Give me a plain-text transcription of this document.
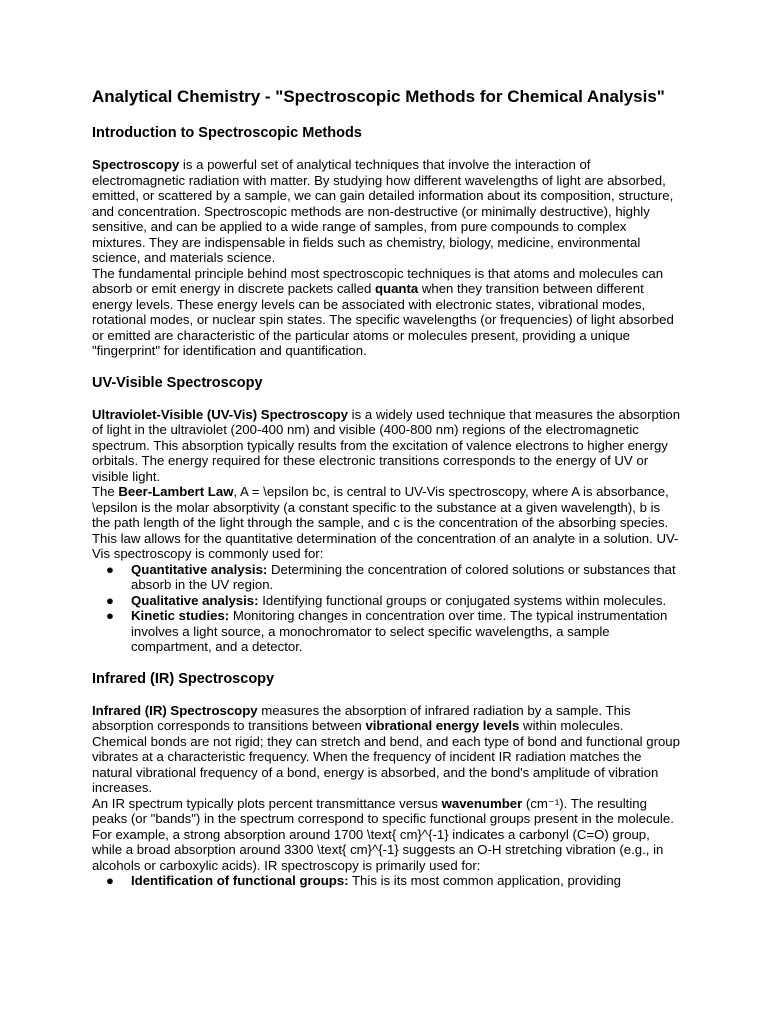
Analytical Chemistry - "Spectroscopic Methods for Chemical Analysis"
Introduction to Spectroscopic Methods

Spectroscopy is a powerful set of analytical techniques that involve the interaction of electromagnetic radiation with matter. By studying how different wavelengths of light are absorbed, emitted, or scattered by a sample, we can gain detailed information about its composition, structure, and concentration. Spectroscopic methods are non-destructive (or minimally destructive), highly sensitive, and can be applied to a wide range of samples, from pure compounds to complex mixtures. They are indispensable in fields such as chemistry, biology, medicine, environmental science, and materials science.

The fundamental principle behind most spectroscopic techniques is that atoms and molecules can absorb or emit energy in discrete packets called quanta when they transition between different energy levels. These energy levels can be associated with electronic states, vibrational modes, rotational modes, or nuclear spin states. The specific wavelengths (or frequencies) of light absorbed or emitted are characteristic of the particular atoms or molecules present, providing a unique "fingerprint" for identification and quantification.

UV-Visible Spectroscopy

Ultraviolet-Visible (UV-Vis) Spectroscopy is a widely used technique that measures the absorption of light in the ultraviolet (200-400 nm) and visible (400-800 nm) regions of the electromagnetic spectrum. This absorption typically results from the excitation of valence electrons to higher energy orbitals. The energy required for these electronic transitions corresponds to the energy of UV or visible light.

The Beer-Lambert Law, A = \epsilon bc, is central to UV-Vis spectroscopy, where A is absorbance, \epsilon is the molar absorptivity (a constant specific to the substance at a given wavelength), b is the path length of the light through the sample, and c is the concentration of the absorbing species. This law allows for the quantitative determination of the concentration of an analyte in a solution. UV-Vis spectroscopy is commonly used for:

● Quantitative analysis: Determining the concentration of colored solutions or substances that absorb in the UV region.
● Qualitative analysis: Identifying functional groups or conjugated systems within molecules.
● Kinetic studies: Monitoring changes in concentration over time. The typical instrumentation involves a light source, a monochromator to select specific wavelengths, a sample compartment, and a detector.
Infrared (IR) Spectroscopy

Infrared (IR) Spectroscopy measures the absorption of infrared radiation by a sample. This absorption corresponds to transitions between vibrational energy levels within molecules. Chemical bonds are not rigid; they can stretch and bend, and each type of bond and functional group vibrates at a characteristic frequency. When the frequency of incident IR radiation matches the natural vibrational frequency of a bond, energy is absorbed, and the bond's amplitude of vibration increases.

An IR spectrum typically plots percent transmittance versus wavenumber (cm⁻¹). The resulting peaks (or "bands") in the spectrum correspond to specific functional groups present in the molecule. For example, a strong absorption around 1700 \text{ cm}^{-1} indicates a carbonyl (C=O) group, while a broad absorption around 3300 \text{ cm}^{-1} suggests an O-H stretching vibration (e.g., in alcohols or carboxylic acids). IR spectroscopy is primarily used for:

● Identification of functional groups: This is its most common application, providing
